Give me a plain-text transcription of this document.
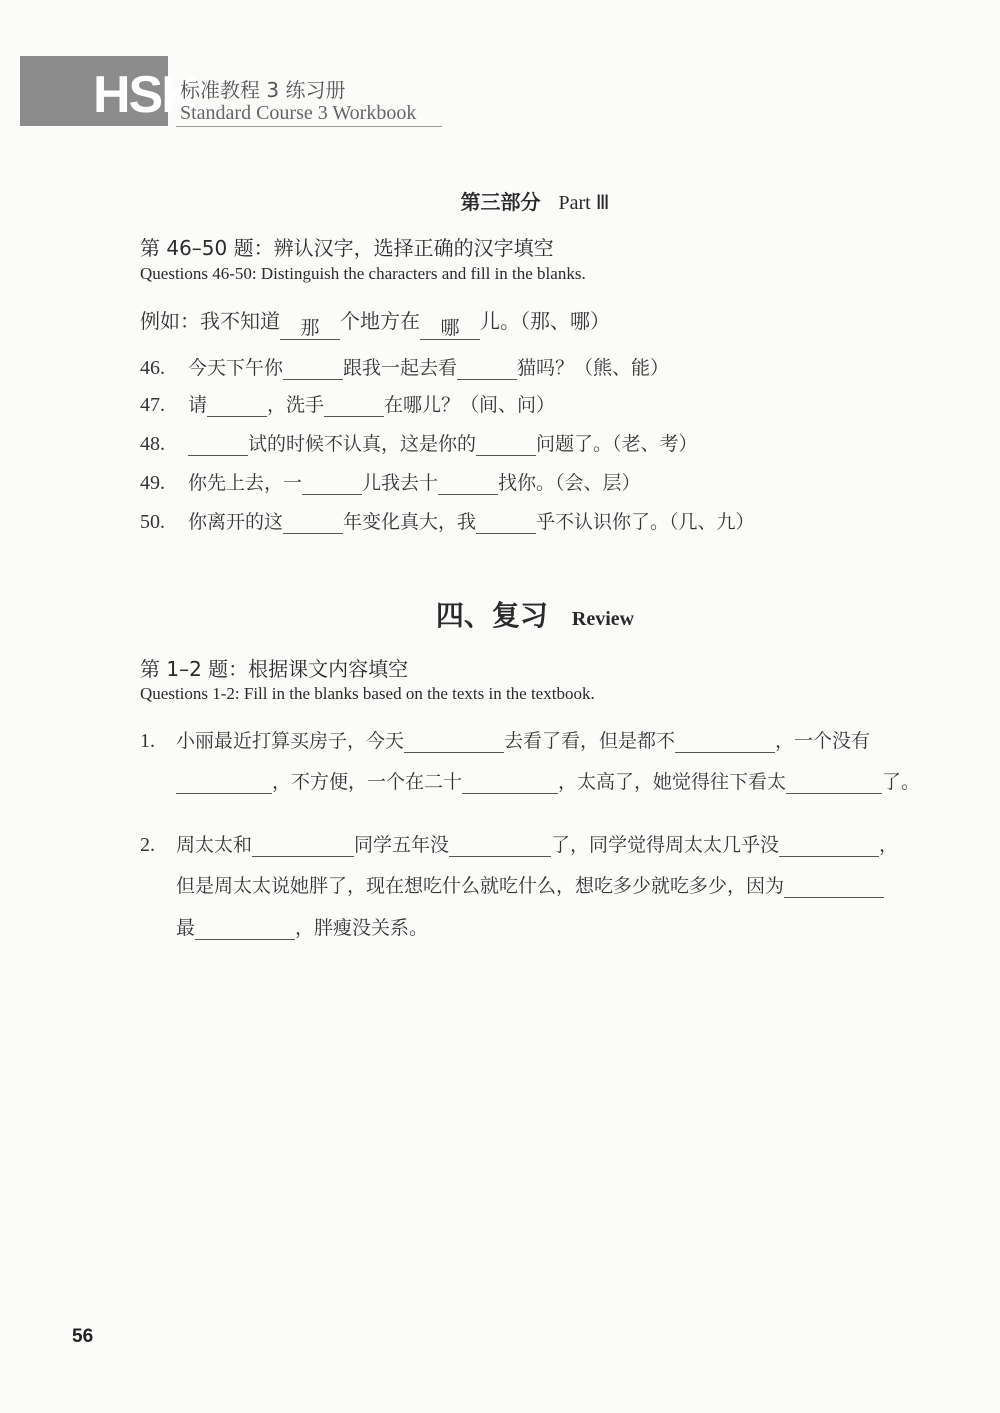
HSK
标准教程 3 练习册
Standard Course 3 Workbook
第三部分 Part Ⅲ
第 46–50 题：辨认汉字，选择正确的汉字填空
Questions 46-50: Distinguish the characters and fill in the blanks.
例如：我不知道 那 个地方在 哪 儿。（那、哪）
46. 今天下午你	跟我一起去看	猫吗？（熊、能）
47. 请	，洗手	在哪儿？（间、问）
48.	试的时候不认真，这是你的	问题了。（老、考）
49. 你先上去，一	儿我去十	找你。（会、层）
50. 你离开的这	年变化真大，我	乎不认识你了。（几、九）
四、复习 Review
第 1–2 题：根据课文内容填空
Questions 1-2: Fill in the blanks based on the texts in the textbook.
1. 小丽最近打算买房子，今天	去看了看，但是都不	，一个没有
，不方便，一个在二十	，太高了，她觉得往下看太	了。
2. 周太太和	同学五年没	了，同学觉得周太太几乎没	，
但是周太太说她胖了，现在想吃什么就吃什么，想吃多少就吃多少，因为
最	，胖瘦没关系。
56
